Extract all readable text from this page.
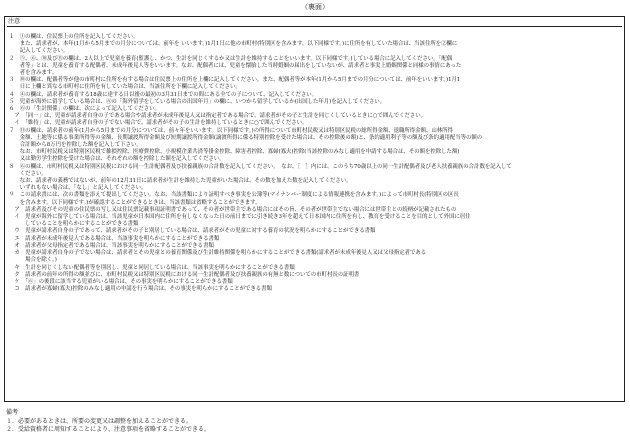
（裏面）
注意
１　①の欄は、住民票上の住所を記入してください。
　　また、請求者が、本年(1月から5月までの月分については、前年を いいます。)1月1日に他の市町村(特別区を含みます。以下同様です。)に住所を有していた場合は、当該住所を②欄に
　　記入してください。
２　⑤、⑥、⑩及び⑪の欄は、2人以上で児童を養育(監護し、かつ、生計を同じくするか又は生計を維持することをいいます。以下同様です。)している場合に記入してください。「配偶
　　者等」とは、児童を養育する配偶者、未成年後見人等をいいます。なお、配偶者には、児童を懐胎した当時婚姻の届出をしていないが、請求者と事実上婚姻関係と同様の事情にあった
　　者を含みます。
３　⑩の欄は、配偶者等が他の市町村に住所を有する場合は住民票上の住所を上欄に記入してください。また、配偶者等が本年(1月から5月までの月分については、前年をいいます。)1月1
　　日に上欄と異なる市町村に住所を有していた場合は、当該住所を下欄に記入してください。
４　④の欄は、請求者が養育する18歳に達する日以後の最初の3月31日までの間にある全ての子について、記入してください。
５　児童が海外に留学している場合は、⑥の「海外留学をしている場合の出国年月」の欄に、いつから留学しているか(出国した年月)を記入してください。
６　⑥の「生計関係」の欄は、次によって記入してください。
　ア　「同一」は、児童が請求者自身の子である場合や請求者が未成年後見人又は指定者である場合で、請求者がその子と生計を同じくしているときに○で囲んでください。
　イ　「維持」は、児童が請求者自身の子でない場合で、請求者がその子の生計を維持しているときに○で囲んでください。
７　⑪の欄は、請求者の前年(1月から5月までの月分については、前々年をいいます。以下同様です。)の所得について市町村民税又は特別区民税の総所得金額、退職所得金額、山林所得
　　金額、土地等に係る事業所得等の金額、長期譲渡所得金額及び短期譲渡所得金額(譲渡所得に係る特別控除を受けた場合は、その控除後の額)と、条約適用利子等の額及び条約適用配当等の額の
　　合計額から8万円を控除した額を記入して下さい。
　　なお、市町村民税又は特別区民税で雑損控除、医療費控除、小規模企業共済等掛金控除、障害者控除、寡婦(寡夫)控除(当該控除のみなし適用を申請する場合は、その額を控除した額)
　　又は勤労学生控除を受けた場合は、それぞれの額を控除した額を記入してください。
８　⑥の欄は、市町村民税又は特別区民税における同一生計配偶者及び扶養親族の合計数を記入してください。　なお、［　］内には、このうち70歳以上の同一生計配偶者及び老人扶養親族の合計数を記入して
　　ください。
　　なお、請求者の義務ではないが、前年の12月31日に請求者が生計を維持した児童がいた場合は、その数を加えた数を記入してください。
　　いずれもない場合は、「なし」と記入してください。
９　この請求書には、次の書類を添えて提出してください。なお、当該書類により証明すべき事実を公簿等(マイナンバー制度による情報連携を含みます。)によって市町村長(特別区の区長
　　を含みます。以下同様です。)が確認することができるときは、当該書類は省略することができます。
　ア　請求者及びその児童の住民票の写し又は住民票記載事項証明書であって、その者が世帯主である場合にはその旨、その者が世帯主でない場合には世帯主との続柄が記載されたもの
　イ　児童が海外に留学している場合は、当該児童が日本国内に住所を有しなくなった日の前日までに引き続き3年を超えて日本国内に住所を有し、教育を受けることを目的として外国に居住
　　　していることを明らかにすることができる書類
　ウ　児童が請求者自身の子であって、請求者がその子と別居している場合は、請求者がその児童に対する養育の状況を明らかにすることができる書類
　エ　請求者が未成年後見人である場合は、当該事実を明らかにすることができる書類
　オ　請求者が父母指定者である場合は、当該事実を明らかにすることができる書類
　カ　児童が請求者自身の子でない場合は、請求者とその児童との養育関係及び生計維持関係を明らかにすることができる書類(請求者が未成年後見人又は父母指定者である
　　　場合を除く。)
　キ　生計を同じくしない配偶者等を別居し、児童と同居している場合は、当該事実を明らかにすることができる書類
　ク　請求者の前年の所得の額並びに、市町村民税又は特別区民税における同一生計配偶者及び扶養親族の有無と数についての市町村長の証明書
　ケ　「⑥」の後段に該当する児童がいる場合は、その事実を明らかにすることができる書類
　コ　請求者が寡婦(寡夫)控除のみなし適用の申請を行う場合は、その事実を明らかにすることができる書類
備考
１．必要があるときは、所要の変更又は調整を加えることができる。
２．受給資格者に周知することにより、注意事項を省略することができる。
